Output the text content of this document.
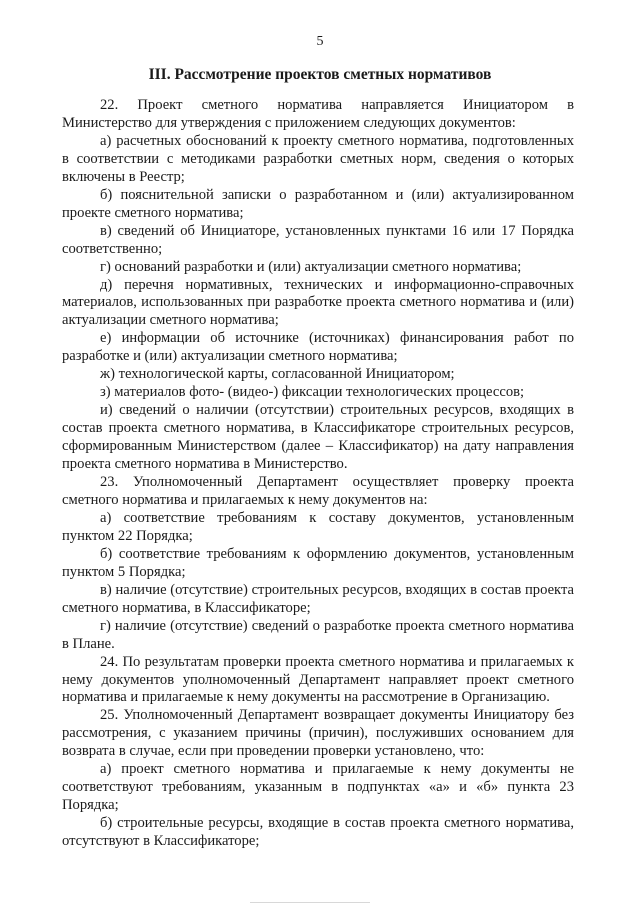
5
III. Рассмотрение проектов сметных нормативов

22. Проект сметного норматива направляется Инициатором в Министерство для утверждения с приложением следующих документов:

а) расчетных обоснований к проекту сметного норматива, подготовленных в соответствии с методиками разработки сметных норм, сведения о которых включены в Реестр;

б) пояснительной записки о разработанном и (или) актуализированном проекте сметного норматива;

в) сведений об Инициаторе, установленных пунктами 16 или 17 Порядка соответственно;

г) оснований разработки и (или) актуализации сметного норматива;

д) перечня нормативных, технических и информационно-справочных материалов, использованных при разработке проекта сметного норматива и (или) актуализации сметного норматива;

е) информации об источнике (источниках) финансирования работ по разработке и (или) актуализации сметного норматива;

ж) технологической карты, согласованной Инициатором;

з) материалов фото- (видео-) фиксации технологических процессов;

и) сведений о наличии (отсутствии) строительных ресурсов, входящих в состав проекта сметного норматива, в Классификаторе строительных ресурсов, сформированным Министерством (далее – Классификатор) на дату направления проекта сметного норматива в Министерство.

23. Уполномоченный Департамент осуществляет проверку проекта сметного норматива и прилагаемых к нему документов на:

а) соответствие требованиям к составу документов, установленным пунктом 22 Порядка;

б) соответствие требованиям к оформлению документов, установленным пунктом 5 Порядка;

в) наличие (отсутствие) строительных ресурсов, входящих в состав проекта сметного норматива, в Классификаторе;

г) наличие (отсутствие) сведений о разработке проекта сметного норматива в Плане.

24. По результатам проверки проекта сметного норматива и прилагаемых к нему документов уполномоченный Департамент направляет проект сметного норматива и прилагаемые к нему документы на рассмотрение в Организацию.

25. Уполномоченный Департамент возвращает документы Инициатору без рассмотрения, с указанием причины (причин), послуживших основанием для возврата в случае, если при проведении проверки установлено, что:

а) проект сметного норматива и прилагаемые к нему документы не соответствуют требованиям, указанным в подпунктах «а» и «б» пункта 23 Порядка;

б) строительные ресурсы, входящие в состав проекта сметного норматива, отсутствуют в Классификаторе;
